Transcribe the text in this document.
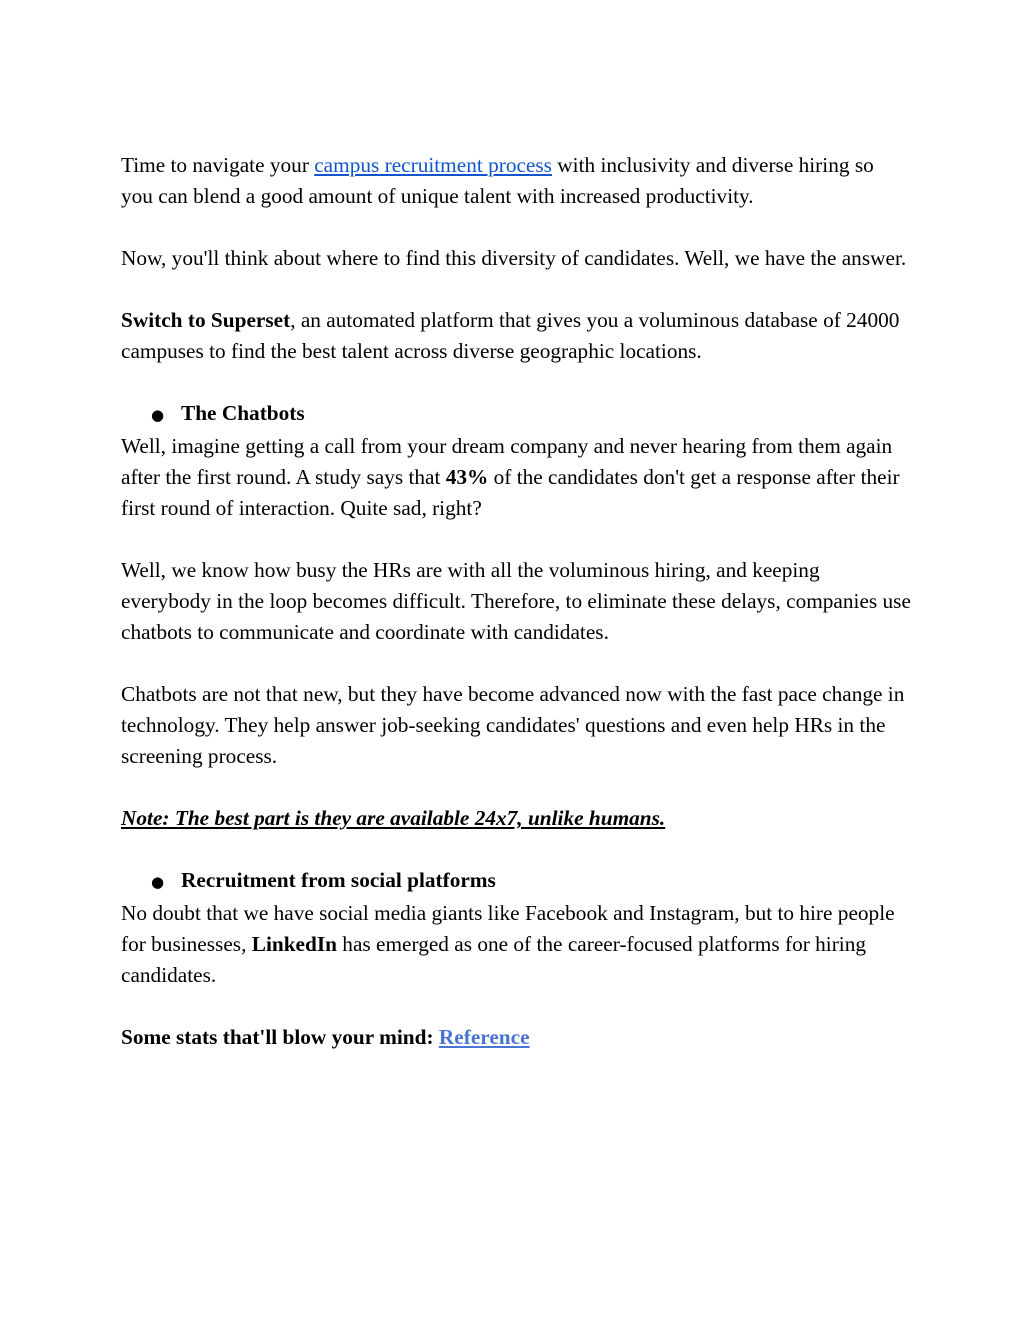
Time to navigate your campus recruitment process with inclusivity and diverse hiring so you can blend a good amount of unique talent with increased productivity.

Now, you'll think about where to find this diversity of candidates. Well, we have the answer.

Switch to Superset, an automated platform that gives you a voluminous database of 24000 campuses to find the best talent across diverse geographic locations.

● The Chatbots

Well, imagine getting a call from your dream company and never hearing from them again after the first round. A study says that 43% of the candidates don't get a response after their first round of interaction. Quite sad, right?

Well, we know how busy the HRs are with all the voluminous hiring, and keeping everybody in the loop becomes difficult. Therefore, to eliminate these delays, companies use chatbots to communicate and coordinate with candidates.

Chatbots are not that new, but they have become advanced now with the fast pace change in technology. They help answer job-seeking candidates' questions and even help HRs in the screening process.

Note: The best part is they are available 24x7, unlike humans.

● Recruitment from social platforms

No doubt that we have social media giants like Facebook and Instagram, but to hire people for businesses, LinkedIn has emerged as one of the career-focused platforms for hiring candidates.

Some stats that'll blow your mind: Reference
